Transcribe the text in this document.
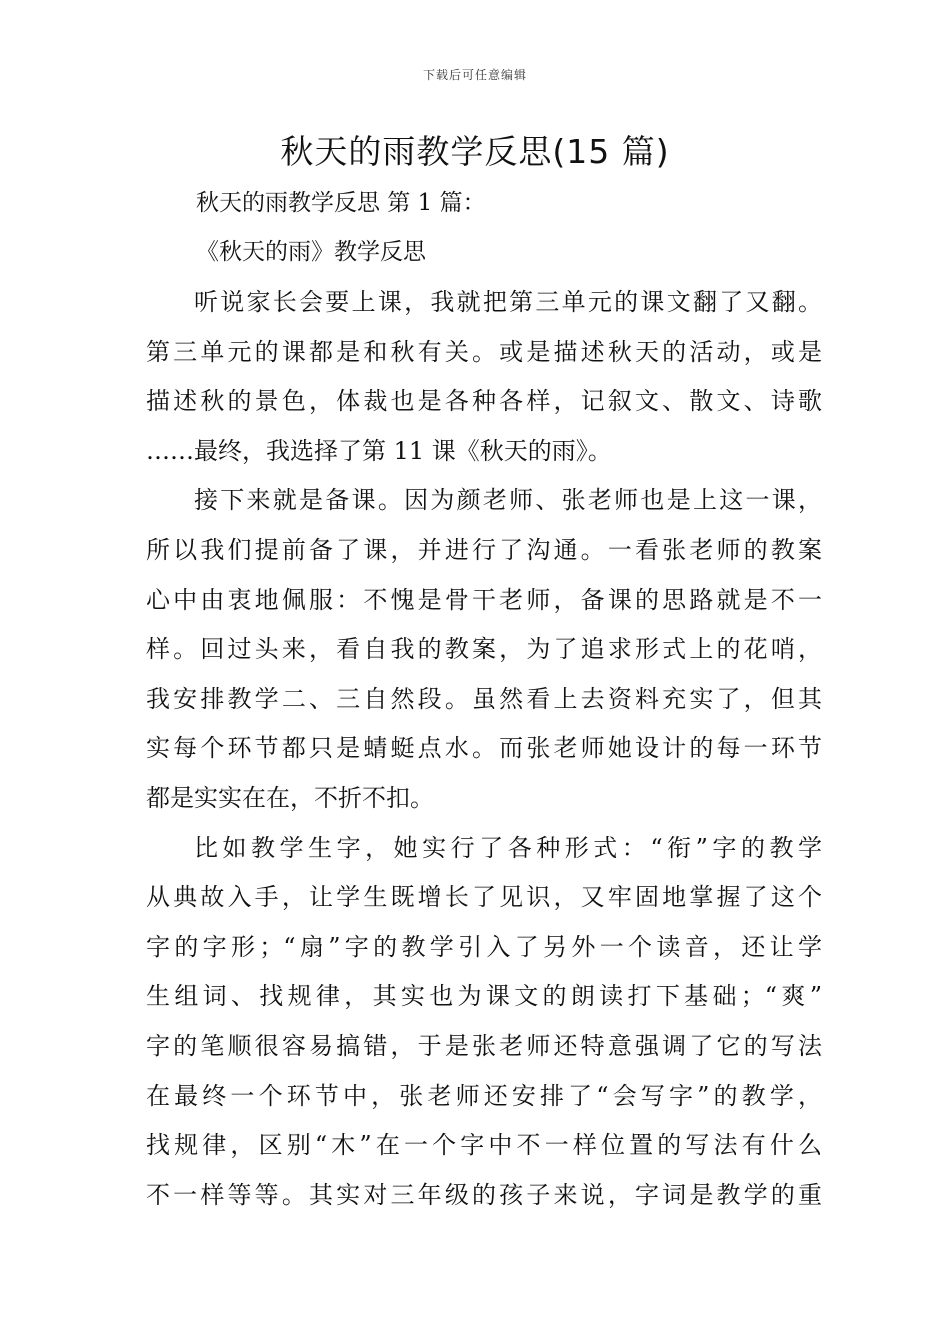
下载后可任意编辑
秋天的雨教学反思(15 篇)

秋天的雨教学反思 第 1 篇：

《秋天的雨》教学反思

听说家长会要上课，我就把第三单元的课文翻了又翻。
第三单元的课都是和秋有关。或是描述秋天的活动，或是
描述秋的景色，体裁也是各种各样，记叙文、散文、诗歌
……最终，我选择了第 11 课《秋天的雨》。
接下来就是备课。因为颜老师、张老师也是上这一课，
所以我们提前备了课，并进行了沟通。一看张老师的教案
心中由衷地佩服：不愧是骨干老师，备课的思路就是不一
样。回过头来，看自我的教案，为了追求形式上的花哨，
我安排教学二、三自然段。虽然看上去资料充实了，但其
实每个环节都只是蜻蜓点水。而张老师她设计的每一环节
都是实实在在，不折不扣。
比如教学生字，她实行了各种形式：“衔”字的教学
从典故入手，让学生既增长了见识，又牢固地掌握了这个
字的字形；“扇”字的教学引入了另外一个读音，还让学
生组词、找规律，其实也为课文的朗读打下基础；“爽”
字的笔顺很容易搞错，于是张老师还特意强调了它的写法
在最终一个环节中，张老师还安排了“会写字”的教学，
找规律，区别“木”在一个字中不一样位置的写法有什么
不一样等等。其实对三年级的孩子来说，字词是教学的重
